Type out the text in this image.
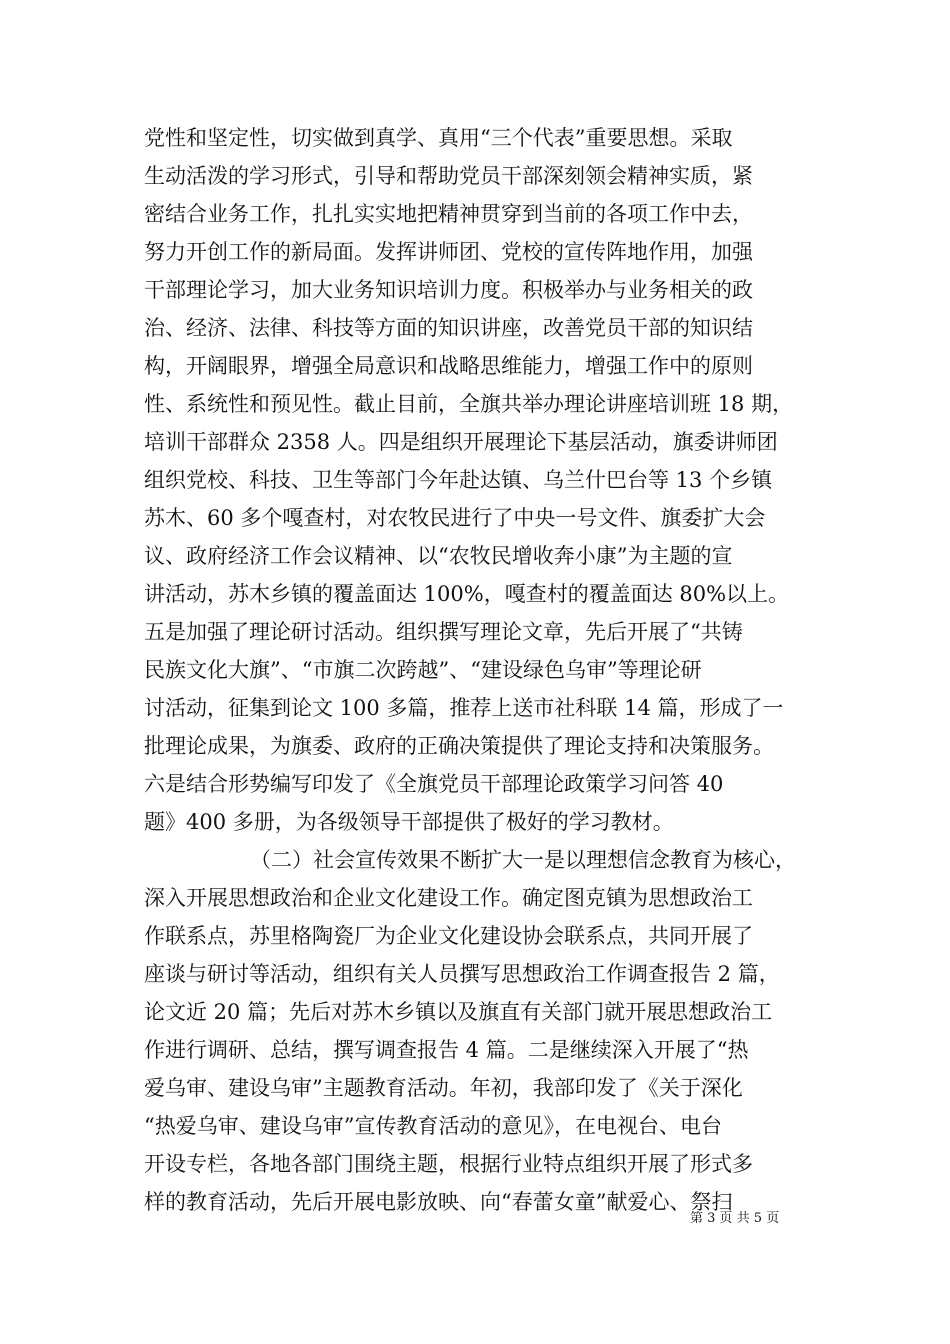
党性和坚定性，切实做到真学、真用“三个代表”重要思想。采取
生动活泼的学习形式，引导和帮助党员干部深刻领会精神实质，紧
密结合业务工作，扎扎实实地把精神贯穿到当前的各项工作中去，
努力开创工作的新局面。发挥讲师团、党校的宣传阵地作用，加强
干部理论学习，加大业务知识培训力度。积极举办与业务相关的政
治、经济、法律、科技等方面的知识讲座，改善党员干部的知识结
构，开阔眼界，增强全局意识和战略思维能力，增强工作中的原则
性、系统性和预见性。截止目前，全旗共举办理论讲座培训班 18 期，
培训干部群众 2358 人。四是组织开展理论下基层活动，旗委讲师团
组织党校、科技、卫生等部门今年赴达镇、乌兰什巴台等 13 个乡镇
苏木、60 多个嘎查村，对农牧民进行了中央一号文件、旗委扩大会
议、政府经济工作会议精神、以“农牧民增收奔小康”为主题的宣
讲活动，苏木乡镇的覆盖面达 100%，嘎查村的覆盖面达 80%以上。
五是加强了理论研讨活动。组织撰写理论文章，先后开展了“共铸
民族文化大旗”、“市旗二次跨越”、“建设绿色乌审”等理论研
讨活动，征集到论文 100 多篇，推荐上送市社科联 14 篇，形成了一
批理论成果，为旗委、政府的正确决策提供了理论支持和决策服务。
六是结合形势编写印发了《全旗党员干部理论政策学习问答 40
题》400 多册，为各级领导干部提供了极好的学习教材。
（二）社会宣传效果不断扩大一是以理想信念教育为核心，
深入开展思想政治和企业文化建设工作。确定图克镇为思想政治工
作联系点，苏里格陶瓷厂为企业文化建设协会联系点，共同开展了
座谈与研讨等活动，组织有关人员撰写思想政治工作调查报告 2 篇，
论文近 20 篇；先后对苏木乡镇以及旗直有关部门就开展思想政治工
作进行调研、总结，撰写调查报告 4 篇。二是继续深入开展了“热
爱乌审、建设乌审”主题教育活动。年初，我部印发了《关于深化
“热爱乌审、建设乌审”宣传教育活动的意见》，在电视台、电台
开设专栏，各地各部门围绕主题，根据行业特点组织开展了形式多
样的教育活动，先后开展电影放映、向“春蕾女童”献爱心、祭扫
第 3 页 共 5 页
